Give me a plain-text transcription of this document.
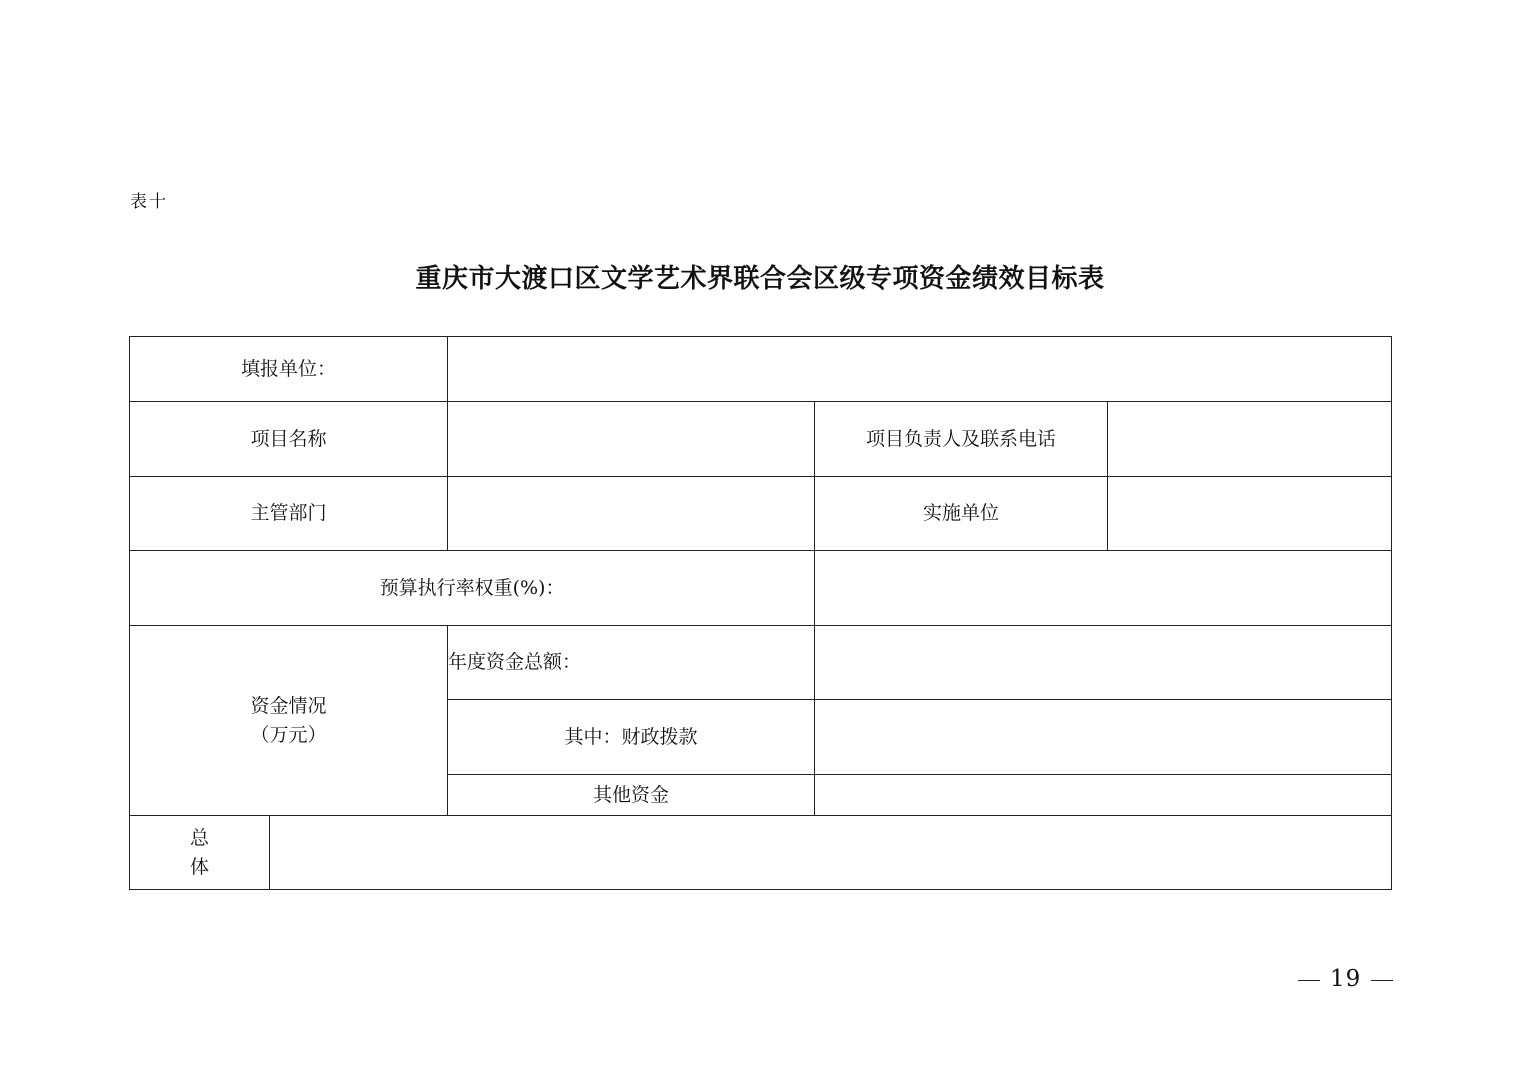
表十
重庆市大渡口区文学艺术界联合会区级专项资金绩效目标表
填报单位：				
项目名称			项目负责人及联系电话	
主管部门			实施单位	
预算执行率权重(%)：				

资金情况
（万元）		年度资金总额：		
		其中：财政拨款		
		其他资金		

总
体				

19
